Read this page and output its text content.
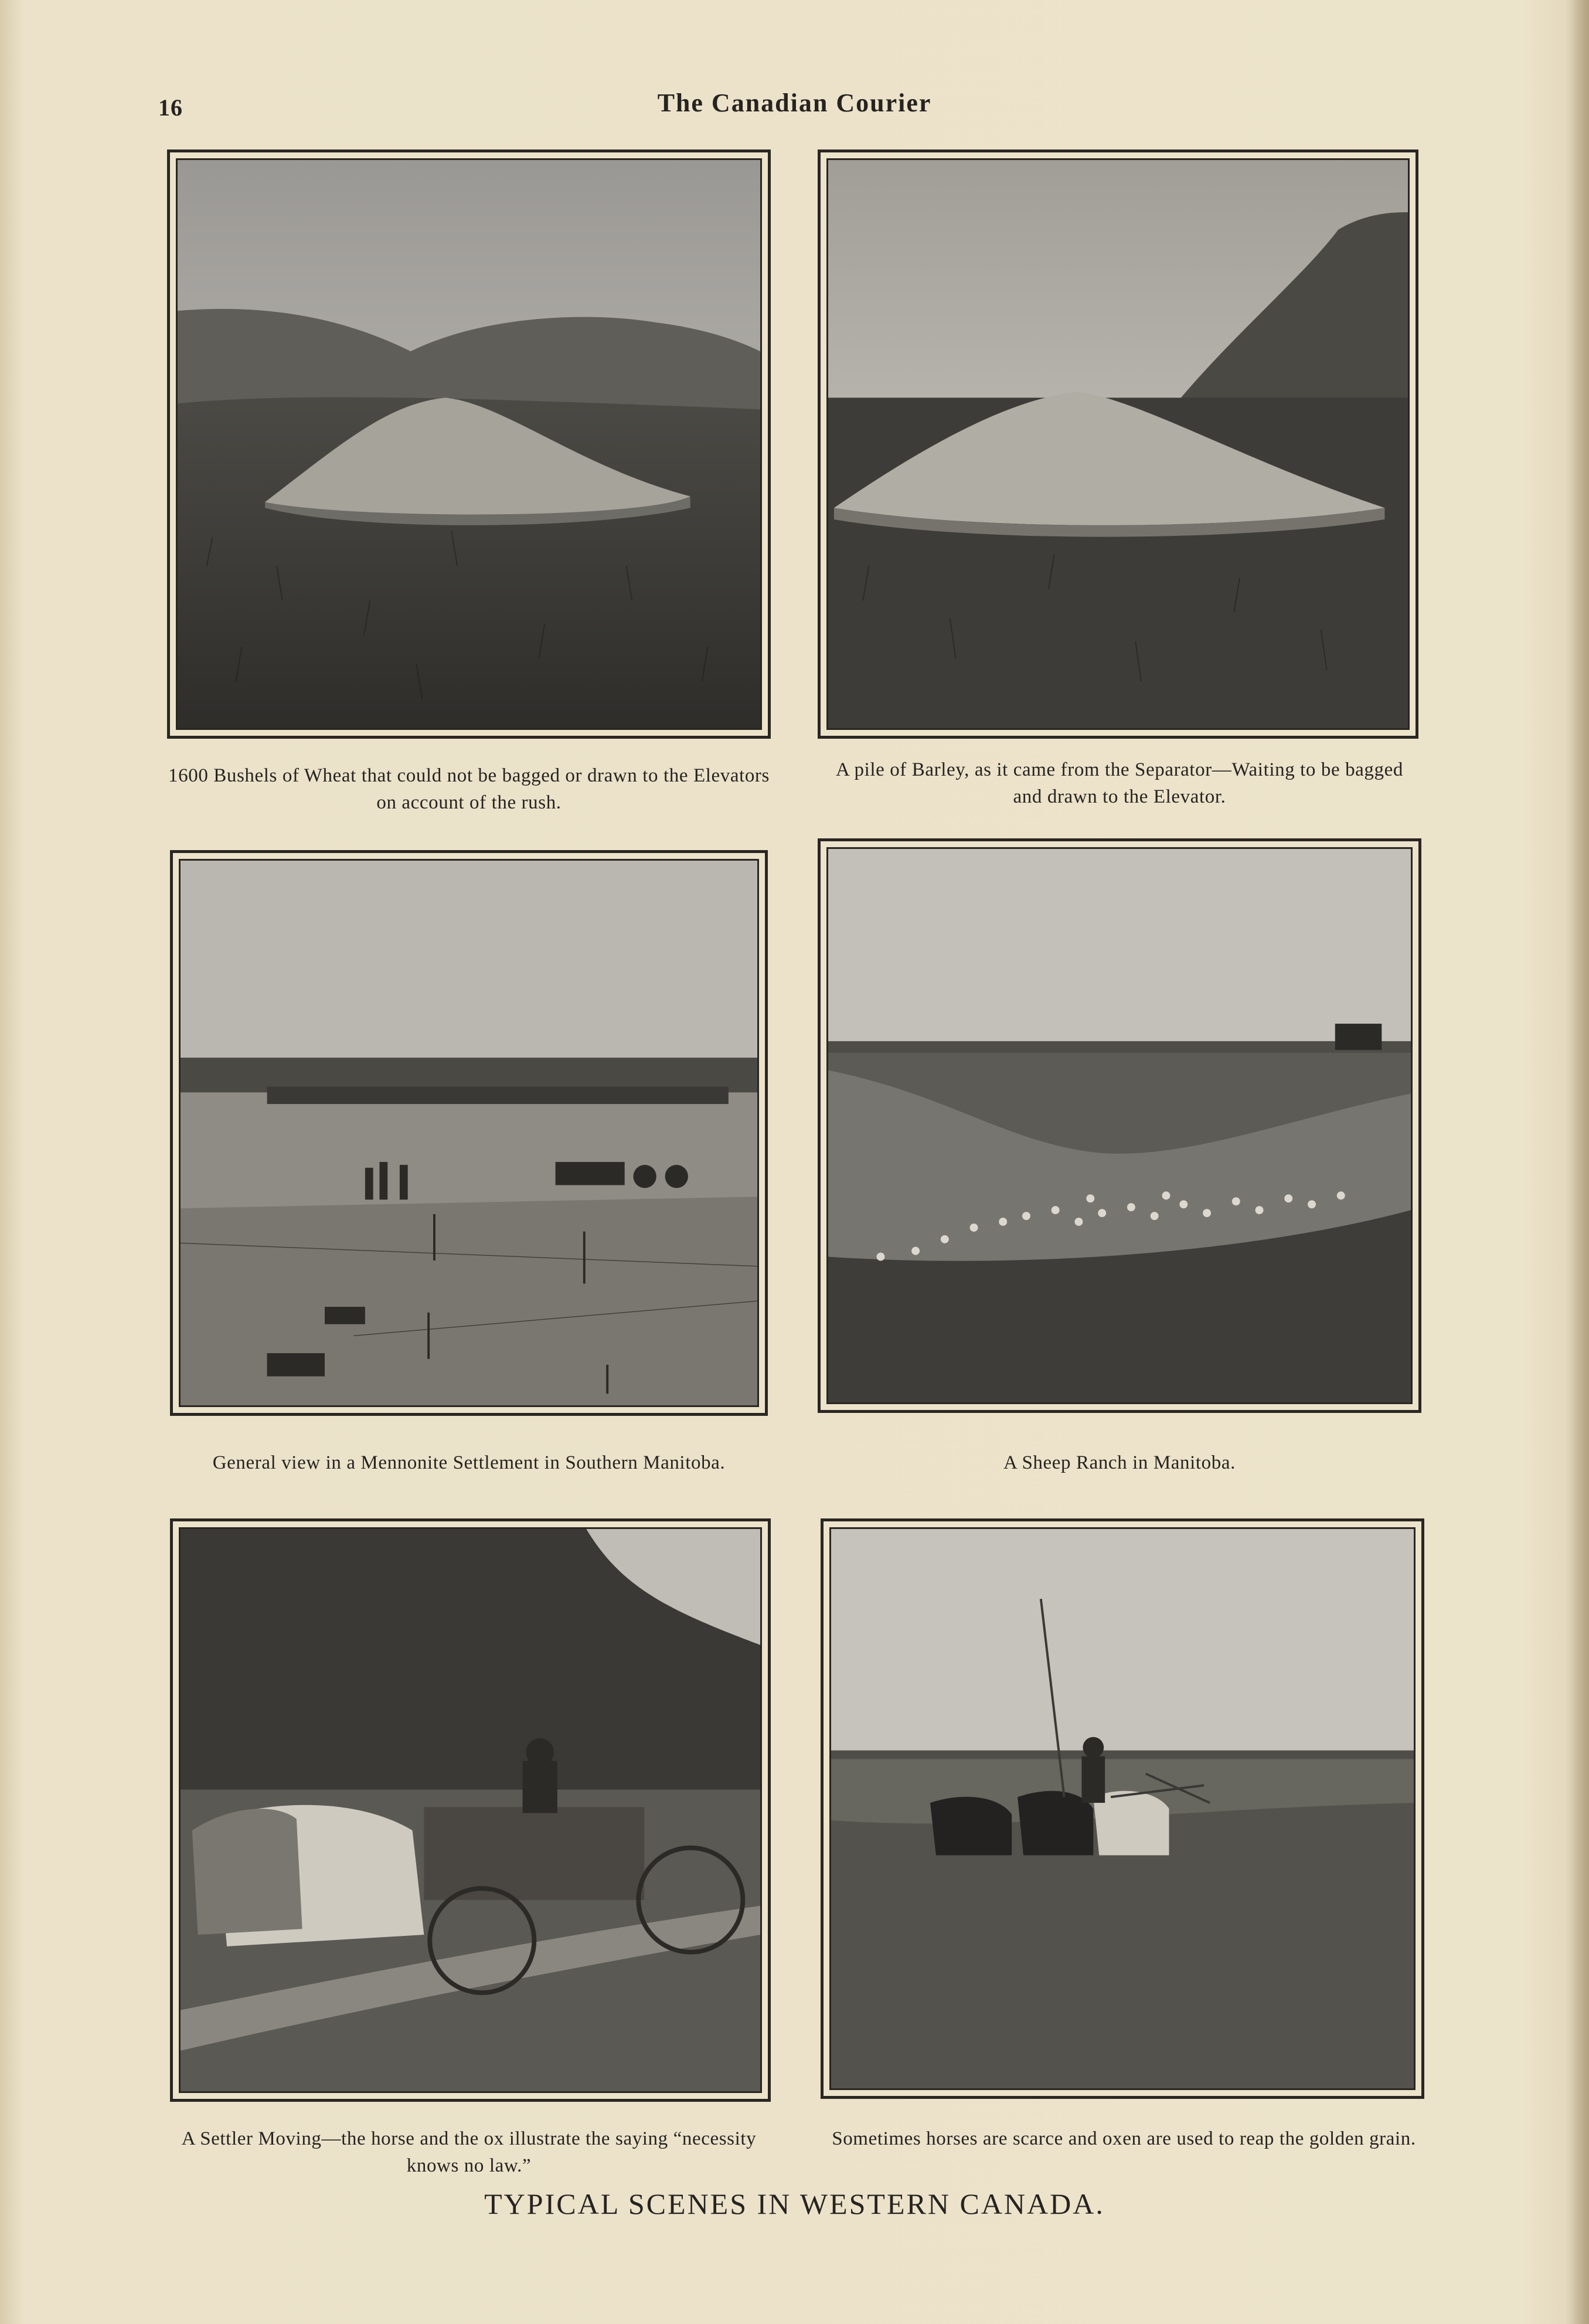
16	The Canadian Courier
1600 Bushels of Wheat that could not be bagged or drawn to the Elevators on account of the rush.
A pile of Barley, as it came from the Separator—Waiting to be bagged and drawn to the Elevator.
General view in a Mennonite Settlement in Southern Manitoba.	A Sheep Ranch in Manitoba.
A Settler Moving—the horse and the ox illustrate the saying “necessity knows no law.”
Sometimes horses are scarce and oxen are used to reap the golden grain.
TYPICAL SCENES IN WESTERN CANADA.
